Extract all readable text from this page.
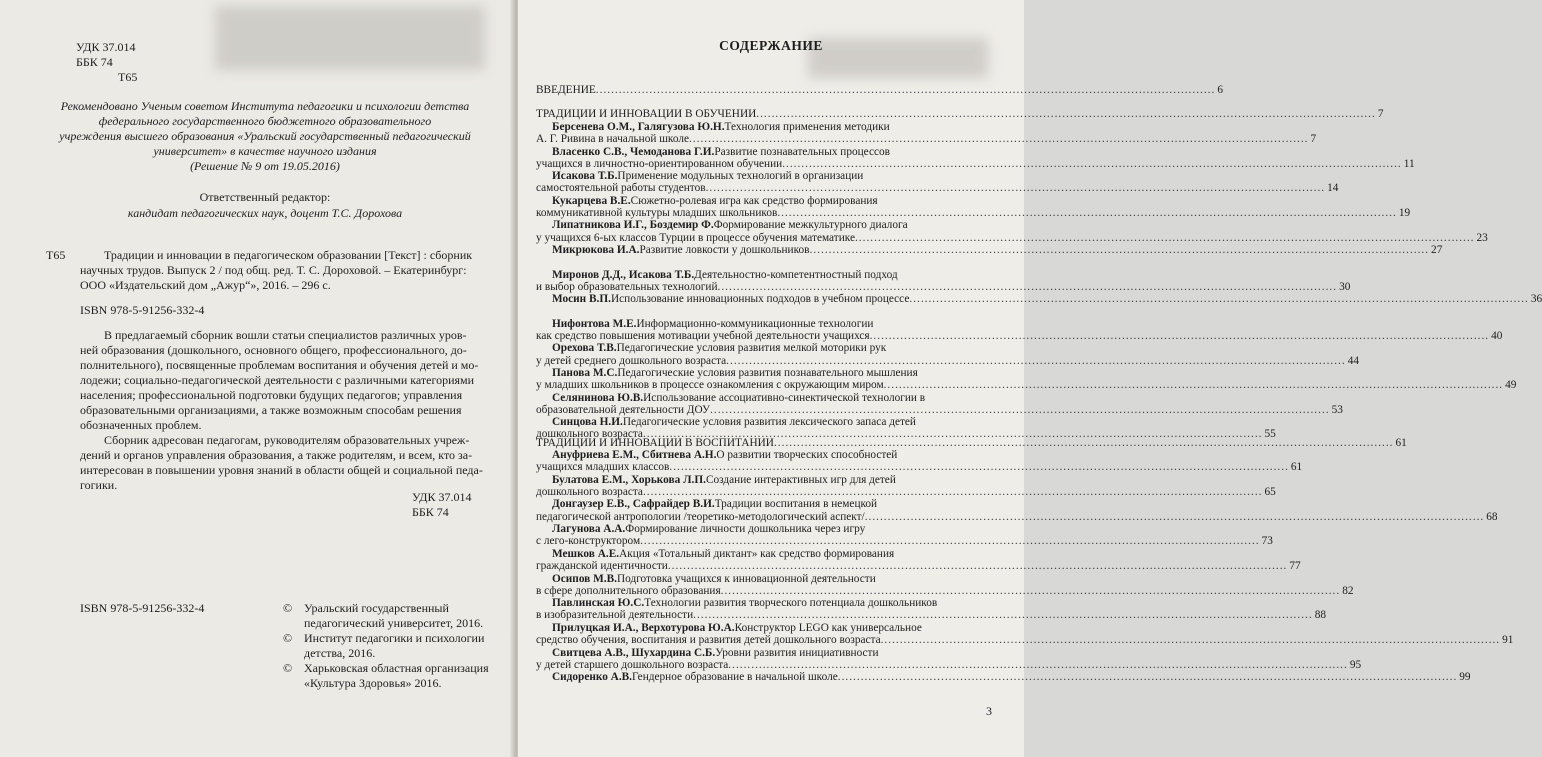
УДК 37.014
ББК 74
Т65
Рекомендовано Ученым советом Института педагогики и психологии детства
федерального государственного бюджетного образовательного
учреждения высшего образования «Уральский государственный педагогический
университет» в качестве научного издания
(Решение № 9 от 19.05.2016)
Ответственный редактор:
кандидат педагогических наук, доцент Т.С. Дорохова
Т65	Традиции и инновации в педагогическом образовании [Текст] : сборник
научных трудов. Выпуск 2 / под общ. ред. Т. С. Дороховой. – Екатеринбург:
ООО «Издательский дом „Ажур“», 2016. – 296 с.
ISBN 978-5-91256-332-4
В предлагаемый сборник вошли статьи специалистов различных уров-
ней образования (дошкольного, основного общего, профессионального, до-
полнительного), посвященные проблемам воспитания и обучения детей и мо-
лодежи; социально-педагогической деятельности с различными категориями
населения; профессиональной подготовки будущих педагогов; управления
образовательными организациями, а также возможным способам решения
обозначенных проблем.
Сборник адресован педагогам, руководителям образовательных учреж-
дений и органов управления образования, а также родителям, и всем, кто за-
интересован в повышении уровня знаний в области общей и социальной педа-
гогики.
УДК 37.014
ББК 74
ISBN 978-5-91256-332-4	© Уральский государственный
педагогический университет, 2016.
© Институт педагогики и психологии
детства, 2016.
© Харьковская областная организация
«Культура Здоровья» 2016.
СОДЕРЖАНИЕ
3
ВВЕДЕНИЕ .................................................................................................................................................................. 6
ТРАДИЦИИ И ИННОВАЦИИ В ОБУЧЕНИИ .................................................................................................................................................................. 7
Берсенева О.М., Галягузова Ю.Н. Технология применения методики
А. Г. Ривина в начальной школе .................................................................................................................................................................. 7
Власенко С.В., Чемоданова Г.И. Развитие познавательных процессов
учащихся в личностно-ориентированном обучении .................................................................................................................................................................. 11
Исакова Т.Б. Применение модульных технологий в организации
самостоятельной работы студентов .................................................................................................................................................................. 14
Кукарцева В.Е. Сюжетно-ролевая игра как средство формирования
коммуникативной культуры младших школьников .................................................................................................................................................................. 19
Липатникова И.Г., Боздемир Ф. Формирование межкультурного диалога
у учащихся 6-ых классов Турции в процессе обучения математике .................................................................................................................................................................. 23
Микрюкова И.А. Развитие ловкости у дошкольников .................................................................................................................................................................. 27
Миронов Д.Д., Исакова Т.Б. Деятельностно-компетентностный подход
и выбор образовательных технологий .................................................................................................................................................................. 30
Мосин В.П. Использование инновационных подходов в учебном процессе .................................................................................................................................................................. 36
Нифонтова М.Е. Информационно-коммуникационные технологии
как средство повышения мотивации учебной деятельности учащихся .................................................................................................................................................................. 40
Орехова Т.В. Педагогические условия развития мелкой моторики рук
у детей среднего дошкольного возраста .................................................................................................................................................................. 44
Панова М.С. Педагогические условия развития познавательного мышления
у младших школьников в процессе ознакомления с окружающим миром .................................................................................................................................................................. 49
Селянинова Ю.В. Использование ассоциативно-синектической технологии в
образовательной деятельности ДОУ .................................................................................................................................................................. 53
Синцова Н.И. Педагогические условия развития лексического запаса детей
дошкольного возраста .................................................................................................................................................................. 55
ТРАДИЦИИ И ИННОВАЦИИ В ВОСПИТАНИИ .................................................................................................................................................................. 61
Ануфриева Е.М., Сбитнева А.Н. О развитии творческих способностей
учащихся младших классов .................................................................................................................................................................. 61
Булатова Е.М., Хорькова Л.П. Создание интерактивных игр для детей
дошкольного возраста .................................................................................................................................................................. 65
Донгаузер Е.В., Сафрайдер В.И. Традиции воспитания в немецкой
педагогической антропологии /теоретико-методологический аспект/ .................................................................................................................................................................. 68
Лагунова А.А. Формирование личности дошкольника через игру
с лего-конструктором .................................................................................................................................................................. 73
Мешков А.Е. Акция «Тотальный диктант» как средство формирования
гражданской идентичности .................................................................................................................................................................. 77
Осипов М.В. Подготовка учащихся к инновационной деятельности
в сфере дополнительного образования .................................................................................................................................................................. 82
Павлинская Ю.С. Технологии развития творческого потенциала дошкольников
в изобразительной деятельности .................................................................................................................................................................. 88
Прилуцкая И.А., Верхотурова Ю.А. Конструктор LEGO как универсальное
средство обучения, воспитания и развития детей дошкольного возраста .................................................................................................................................................................. 91
Свитцева А.В., Шухардина С.Б. Уровни развития инициативности
у детей старшего дошкольного возраста .................................................................................................................................................................. 95
Сидоренко А.В. Гендерное образование в начальной школе .................................................................................................................................................................. 99
